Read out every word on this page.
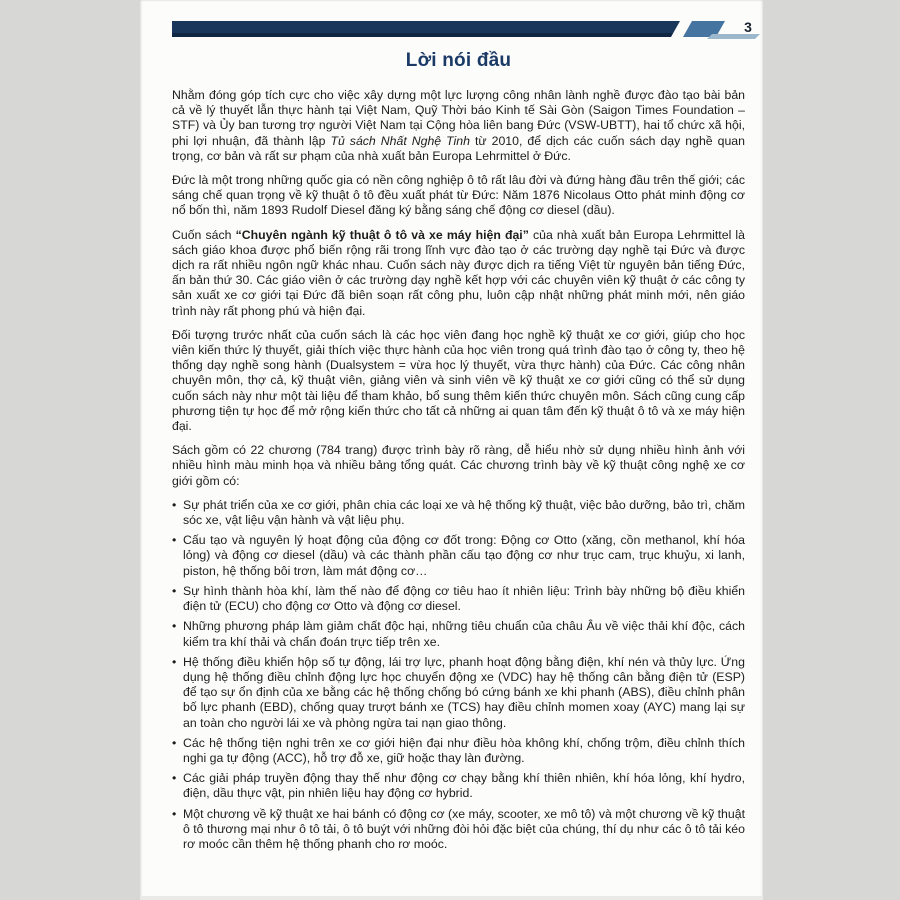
3
Lời nói đầu

Nhằm đóng góp tích cực cho việc xây dựng một lực lượng công nhân lành nghề được đào tạo bài bản cả về lý thuyết lẫn thực hành tại Việt Nam, Quỹ Thời báo Kinh tế Sài Gòn (Saigon Times Foundation – STF) và Ủy ban tương trợ người Việt Nam tại Cộng hòa liên bang Đức (VSW-UBTT), hai tổ chức xã hội, phi lợi nhuận, đã thành lập Tủ sách Nhất Nghệ Tinh từ 2010, để dịch các cuốn sách dạy nghề quan trọng, cơ bản và rất sư phạm của nhà xuất bản Europa Lehrmittel ở Đức.

Đức là một trong những quốc gia có nền công nghiệp ô tô rất lâu đời và đứng hàng đầu trên thế giới; các sáng chế quan trọng về kỹ thuật ô tô đều xuất phát từ Đức: Năm 1876 Nicolaus Otto phát minh động cơ nổ bốn thì, năm 1893 Rudolf Diesel đăng ký bằng sáng chế động cơ diesel (dầu).

Cuốn sách “Chuyên ngành kỹ thuật ô tô và xe máy hiện đại” của nhà xuất bản Europa Lehrmittel là sách giáo khoa được phổ biến rộng rãi trong lĩnh vực đào tạo ở các trường dạy nghề tại Đức và được dịch ra rất nhiều ngôn ngữ khác nhau. Cuốn sách này được dịch ra tiếng Việt từ nguyên bản tiếng Đức, ấn bản thứ 30. Các giáo viên ở các trường dạy nghề kết hợp với các chuyên viên kỹ thuật ở các công ty sản xuất xe cơ giới tại Đức đã biên soạn rất công phu, luôn cập nhật những phát minh mới, nên giáo trình này rất phong phú và hiện đại.

Đối tượng trước nhất của cuốn sách là các học viên đang học nghề kỹ thuật xe cơ giới, giúp cho học viên kiến thức lý thuyết, giải thích việc thực hành của học viên trong quá trình đào tạo ở công ty, theo hệ thống dạy nghề song hành (Dualsystem = vừa học lý thuyết, vừa thực hành) của Đức. Các công nhân chuyên môn, thợ cả, kỹ thuật viên, giảng viên và sinh viên về kỹ thuật xe cơ giới cũng có thể sử dụng cuốn sách này như một tài liệu để tham khảo, bổ sung thêm kiến thức chuyên môn. Sách cũng cung cấp phương tiện tự học để mở rộng kiến thức cho tất cả những ai quan tâm đến kỹ thuật ô tô và xe máy hiện đại.

Sách gồm có 22 chương (784 trang) được trình bày rõ ràng, dễ hiểu nhờ sử dụng nhiều hình ảnh với nhiều hình màu minh họa và nhiều bảng tổng quát. Các chương trình bày về kỹ thuật công nghệ xe cơ giới gồm có:

• Sự phát triển của xe cơ giới, phân chia các loại xe và hệ thống kỹ thuật, việc bảo dưỡng, bảo trì, chăm sóc xe, vật liệu vận hành và vật liệu phụ.
• Cấu tạo và nguyên lý hoạt động của động cơ đốt trong: Động cơ Otto (xăng, cồn methanol, khí hóa lỏng) và động cơ diesel (dầu) và các thành phần cấu tạo động cơ như trục cam, trục khuỷu, xi lanh, piston, hệ thống bôi trơn, làm mát động cơ…
• Sự hình thành hòa khí, làm thế nào để động cơ tiêu hao ít nhiên liệu: Trình bày những bộ điều khiển điện tử (ECU) cho động cơ Otto và động cơ diesel.
• Những phương pháp làm giảm chất độc hại, những tiêu chuẩn của châu Âu về việc thải khí độc, cách kiểm tra khí thải và chẩn đoán trực tiếp trên xe.
• Hệ thống điều khiển hộp số tự động, lái trợ lực, phanh hoạt động bằng điện, khí nén và thủy lực. Ứng dụng hệ thống điều chỉnh động lực học chuyển động xe (VDC) hay hệ thống cân bằng điện tử (ESP) để tạo sự ổn định của xe bằng các hệ thống chống bó cứng bánh xe khi phanh (ABS), điều chỉnh phân bố lực phanh (EBD), chống quay trượt bánh xe (TCS) hay điều chỉnh momen xoay (AYC) mang lại sự an toàn cho người lái xe và phòng ngừa tai nạn giao thông.
• Các hệ thống tiện nghi trên xe cơ giới hiện đại như điều hòa không khí, chống trộm, điều chỉnh thích nghi ga tự động (ACC), hỗ trợ đỗ xe, giữ hoặc thay làn đường.
• Các giải pháp truyền động thay thế như động cơ chạy bằng khí thiên nhiên, khí hóa lỏng, khí hydro, điện, dầu thực vật, pin nhiên liệu hay động cơ hybrid.
• Một chương về kỹ thuật xe hai bánh có động cơ (xe máy, scooter, xe mô tô) và một chương về kỹ thuật ô tô thương mại như ô tô tải, ô tô buýt với những đòi hỏi đặc biệt của chúng, thí dụ như các ô tô tải kéo rơ moóc cần thêm hệ thống phanh cho rơ moóc.
